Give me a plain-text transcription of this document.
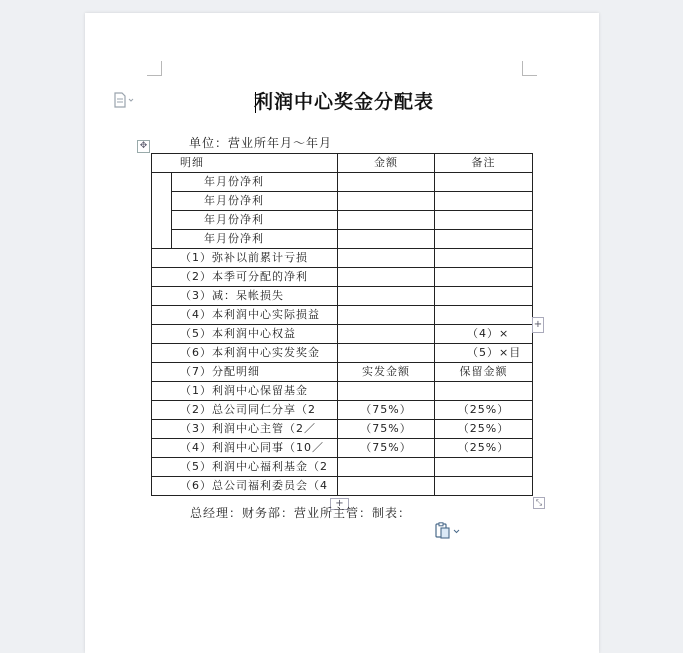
利润中心奖金分配表
✥	单位：营业所年月～年月
明细		金额	备注
	年月份净利		
	年月份净利		
	年月份净利		
	年月份净利		
（1）弥补以前累计亏损			
（2）本季可分配的净利			
（3）减：呆帐损失			
（4）本利润中心实际损益			
（5）本利润中心权益			（4）×
（6）本利润中心实发奖金			（5）×目
（7）分配明细		实发金额	保留金额
（1）利润中心保留基金			
（2）总公司同仁分享（2		（75%）	（25%）
（3）利润中心主管（2／		（75%）	（25%）
（4）利润中心同事（10／		（75%）	（25%）
（5）利润中心福利基金（2			
（6）总公司福利委员会（4			
+
+	⤡
总经理：财务部：营业所主管：制表：
